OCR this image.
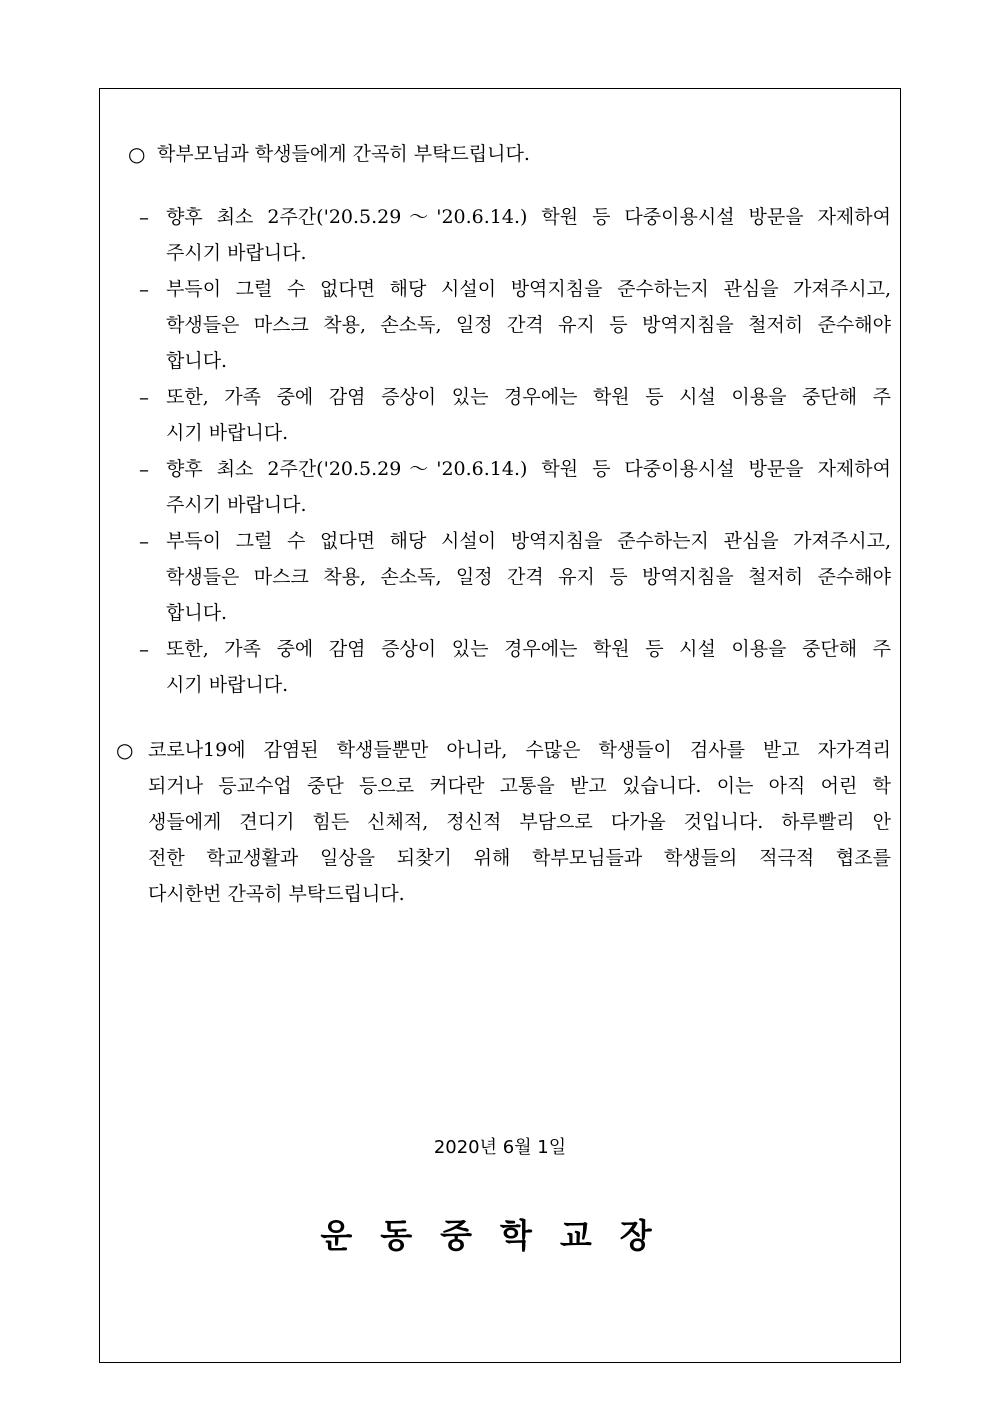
○ 학부모님과 학생들에게 간곡히 부탁드립니다.
– 향후 최소 2주간('20.5.29～'20.6.14.) 학원 등 다중이용시설 방문을 자제하여
주시기 바랍니다.
– 부득이 그럴 수 없다면 해당 시설이 방역지침을 준수하는지 관심을 가져주시고,
학생들은 마스크 착용, 손소독, 일정 간격 유지 등 방역지침을 철저히 준수해야
합니다.
– 또한, 가족 중에 감염 증상이 있는 경우에는 학원 등 시설 이용을 중단해 주
시기 바랍니다.
– 향후 최소 2주간('20.5.29～'20.6.14.) 학원 등 다중이용시설 방문을 자제하여
주시기 바랍니다.
– 부득이 그럴 수 없다면 해당 시설이 방역지침을 준수하는지 관심을 가져주시고,
학생들은 마스크 착용, 손소독, 일정 간격 유지 등 방역지침을 철저히 준수해야
합니다.
– 또한, 가족 중에 감염 증상이 있는 경우에는 학원 등 시설 이용을 중단해 주
시기 바랍니다.
○ 코로나19에 감염된 학생들뿐만 아니라, 수많은 학생들이 검사를 받고 자가격리
되거나 등교수업 중단 등으로 커다란 고통을 받고 있습니다. 이는 아직 어린 학
생들에게 견디기 힘든 신체적, 정신적 부담으로 다가올 것입니다. 하루빨리 안
전한 학교생활과 일상을 되찾기 위해 학부모님들과 학생들의 적극적 협조를
다시한번 간곡히 부탁드립니다.
2020년 6월 1일
운동중학교장
